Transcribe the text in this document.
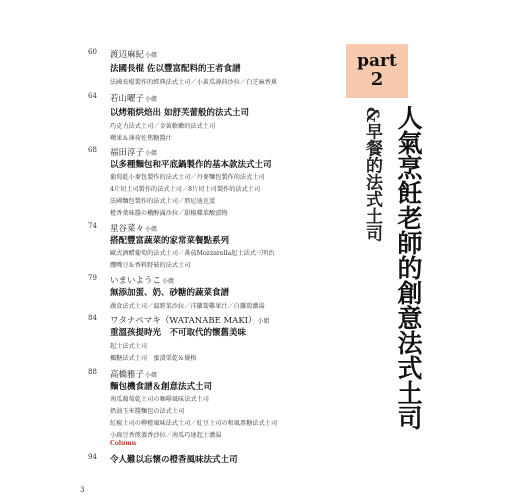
60	渡辺麻紀小姐
法國長棍 佐以豐富配料的王者食譜
法國長棍製作的經典法式土司／小黃瓜薄荷沙拉／白芝麻香蕉
64	若山曜子小姐
以烤箱烘焙出 如舒芙蕾般的法式土司
巧克力法式土司／金黃軟嫩的法式土司
蘋果＆薄荷佐焦糖醬汁
68	福田淳子小姐
以多種麵包和平底鍋製作的基本款法式土司
葡萄乾小麥包製作的法式土司／丹麥麵包製作的法式土司
4片切土司製作的法式土司／8片切土司製作的法式土司
法國麵包製作的法式土司／煎尼迪克蛋
橙香葉味醬の穠醇滿沙拉／甜椒雞菜酸漬物
74	星谷菜々小姐
搭配豐富蔬菜的家常菜餐點系列
歐式酒醋葡萄的法式土司／番茄Mozzarella起士法式三明治
鷹嘴豆＆香料野菇的法式土司
79	いまいようこ小姐
無添加蛋、奶、砂糖的蔬菜食譜
蔬食法式土司／溫野菜沙拉／洋蘿蔔雞果汁／白蘿蔔濃湯
84	ワタナベマキ（WATANABE MAKI）小姐
重溫孩提時光　不可取代的懷舊美味
起士法式土司
楓糖法式土司　蜜漬栗乾＆優格
88	高橋雅子小姐
麵包機食譜＆創意法式土司
南瓜葡萄乾土司の咖啡風味法式土司
奶油玉米醬麵包の法式土司
紅椒土司の柳橙風味法式土司／紅豆土司の和風黑糖法式土司
小扁豆香煎蒸香沙拉／南瓜巧達起士濃湯
Column
94	令人難以忘懷の橙香風味法式土司
3
part
2
人氣烹飪老師的創意法式土司
&早餐的法式土司
